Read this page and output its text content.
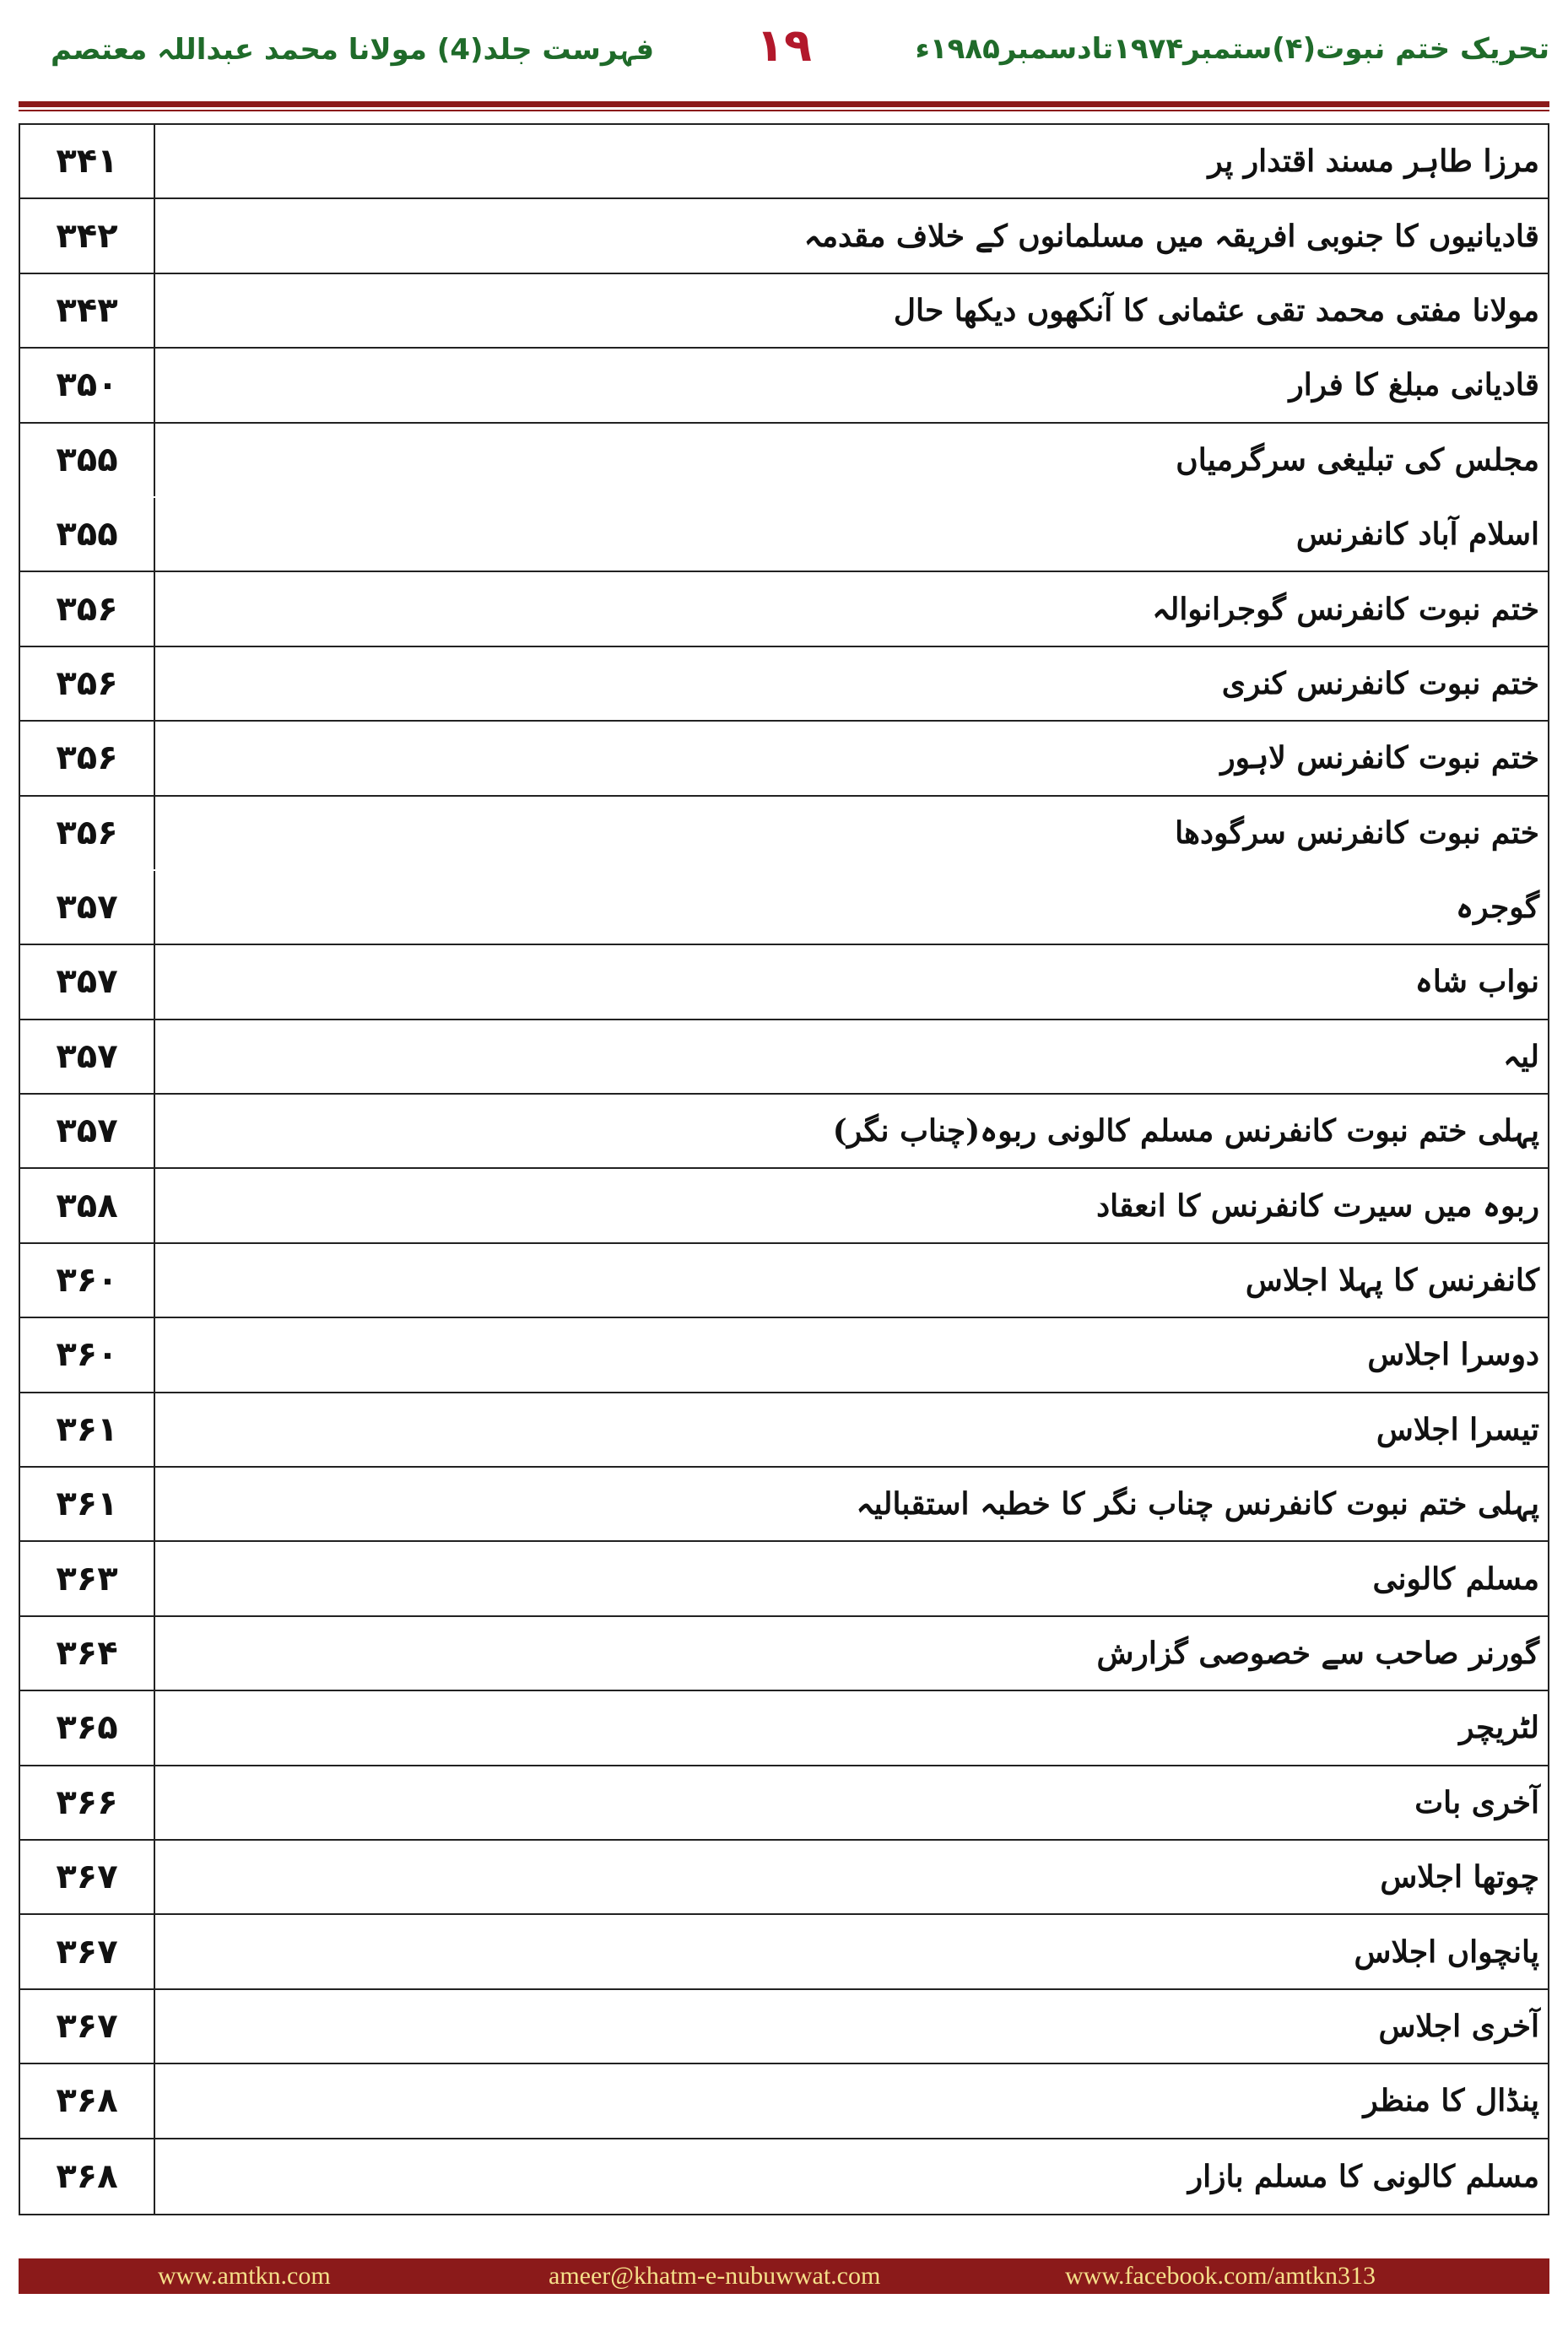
تحریک ختم نبوت(۴)ستمبر۱۹۷۴تادسمبر۱۹۸۵ء
۱۹
فہرست جلد(4) مولانا محمد عبداللہ معتصم
۳۴۱	مرزا طاہر مسند اقتدار پر
۳۴۲	قادیانیوں کا جنوبی افریقہ میں مسلمانوں کے خلاف مقدمہ
۳۴۳	مولانا مفتی محمد تقی عثمانی کا آنکھوں دیکھا حال
۳۵۰	قادیانی مبلغ کا فرار
۳۵۵	مجلس کی تبلیغی سرگرمیاں
۳۵۵	اسلام آباد کانفرنس
۳۵۶	ختم نبوت کانفرنس گوجرانوالہ
۳۵۶	ختم نبوت کانفرنس کنری
۳۵۶	ختم نبوت کانفرنس لاہور
۳۵۶	ختم نبوت کانفرنس سرگودھا
۳۵۷	گوجرہ
۳۵۷	نواب شاہ
۳۵۷	لیہ
۳۵۷	پہلی ختم نبوت کانفرنس مسلم کالونی ربوہ(چناب نگر)
۳۵۸	ربوہ میں سیرت کانفرنس کا انعقاد
۳۶۰	کانفرنس کا پہلا اجلاس
۳۶۰	دوسرا اجلاس
۳۶۱	تیسرا اجلاس
۳۶۱	پہلی ختم نبوت کانفرنس چناب نگر کا خطبہ استقبالیہ
۳۶۳	مسلم کالونی
۳۶۴	گورنر صاحب سے خصوصی گزارش
۳۶۵	لٹریچر
۳۶۶	آخری بات
۳۶۷	چوتھا اجلاس
۳۶۷	پانچواں اجلاس
۳۶۷	آخری اجلاس
۳۶۸	پنڈال کا منظر
۳۶۸	مسلم کالونی کا مسلم بازار
www.amtkn.com	ameer@khatm-e-nubuwwat.com	www.facebook.com/amtkn313
